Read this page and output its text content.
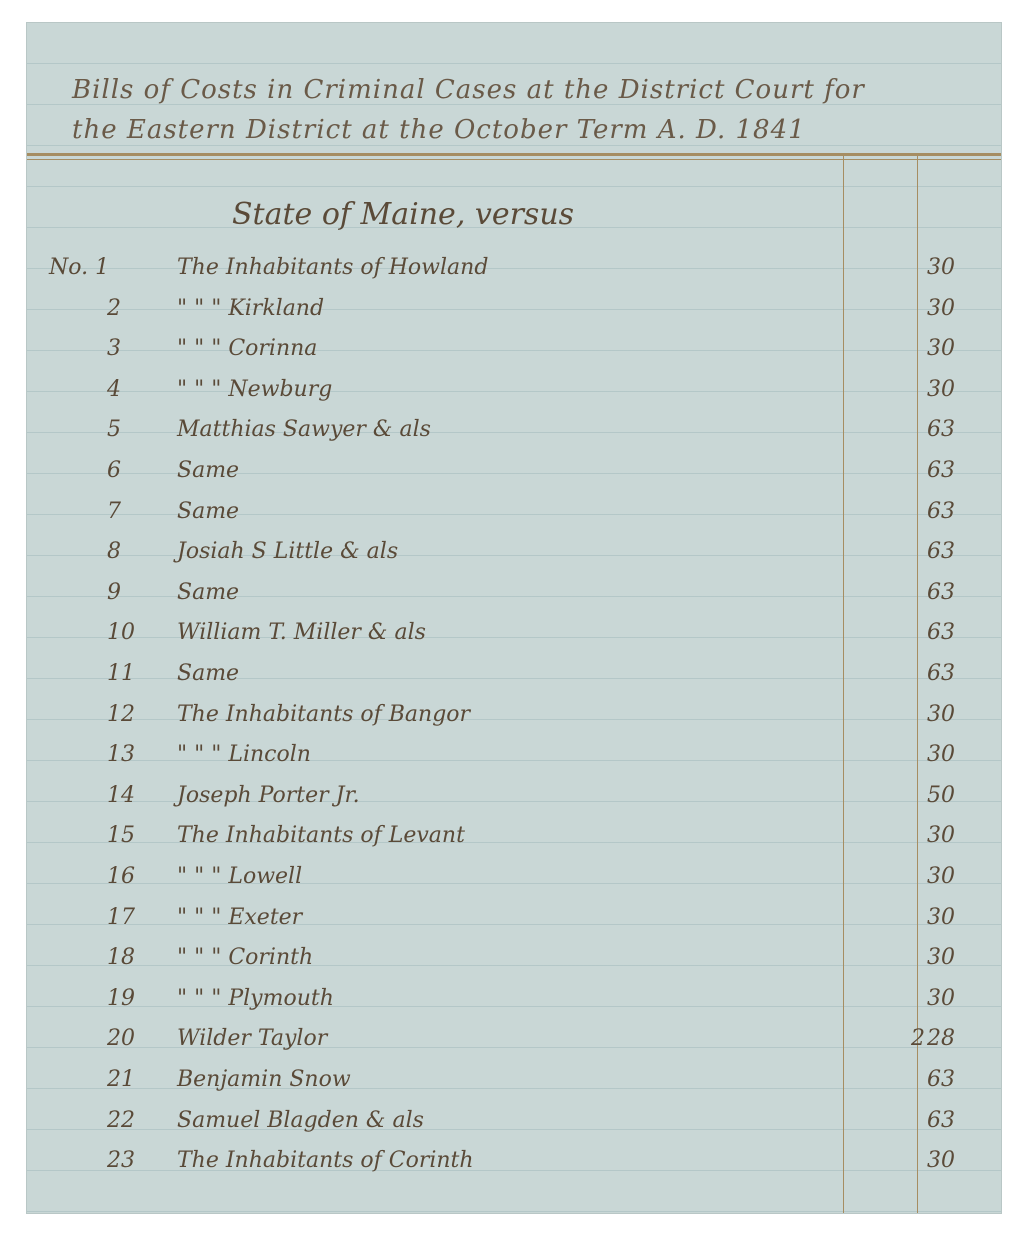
Bills of Costs in Criminal Cases at the District Court for
the Eastern District at the October Term A. D. 1841
State of Maine, versus
No. 1	The Inhabitants of Howland	30
2	" " " Kirkland	30
3	" " " Corinna	30
4	" " " Newburg	30
5	Matthias Sawyer & als	63
6	Same	63
7	Same	63
8	Josiah S Little & als	63
9	Same	63
10	William T. Miller & als	63
11	Same	63
12	The Inhabitants of Bangor	30
13	" " " Lincoln	30
14	Joseph Porter Jr.	50
15	The Inhabitants of Levant	30
16	" " " Lowell	30
17	" " " Exeter	30
18	" " " Corinth	30
19	" " " Plymouth	30
20	Wilder Taylor	2 28
21	Benjamin Snow	63
22	Samuel Blagden & als	63
23	The Inhabitants of Corinth	30
